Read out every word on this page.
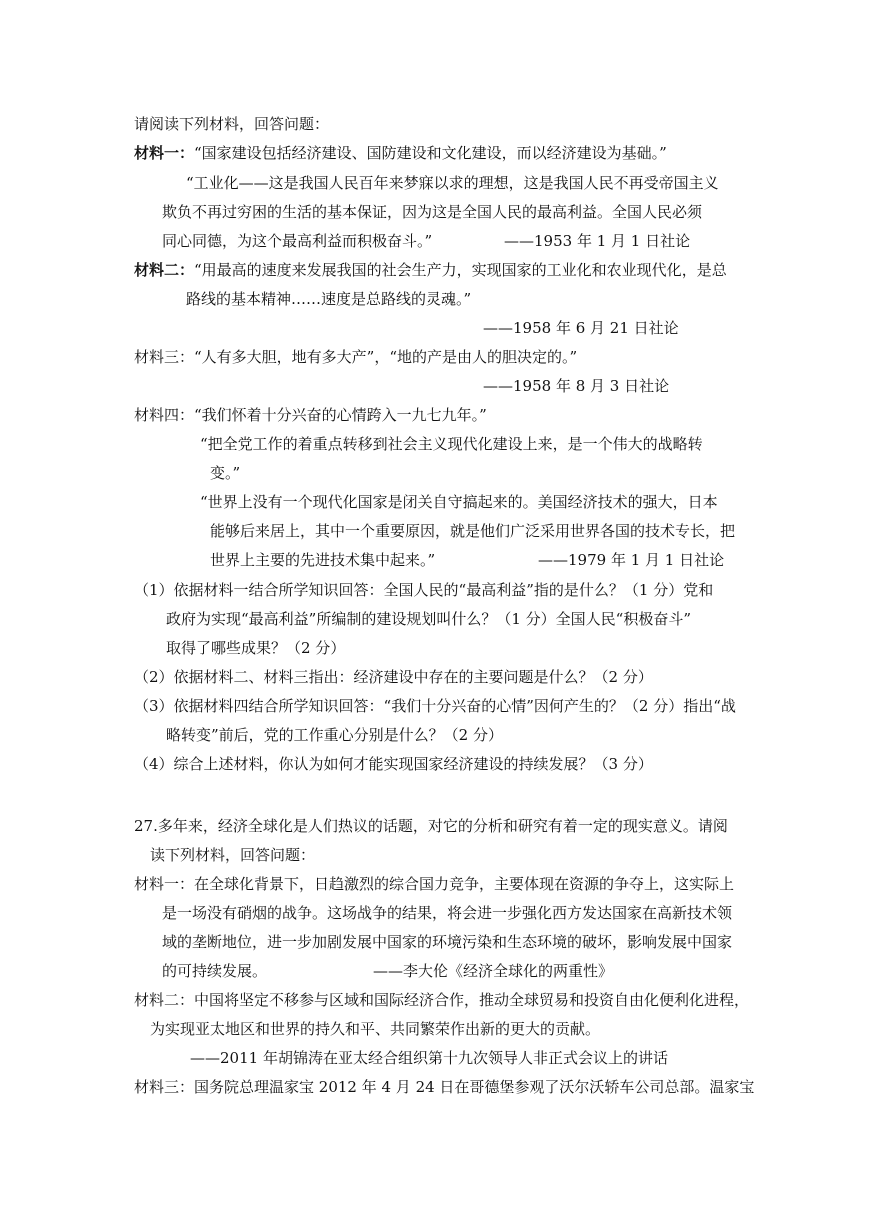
请阅读下列材料，回答问题：
材料一：“国家建设包括经济建设、国防建设和文化建设，而以经济建设为基础。”
“工业化——这是我国人民百年来梦寐以求的理想，这是我国人民不再受帝国主义
欺负不再过穷困的生活的基本保证，因为这是全国人民的最高利益。全国人民必须
同心同德，为这个最高利益而积极奋斗。”	——1953 年 1 月 1 日社论
材料二：“用最高的速度来发展我国的社会生产力，实现国家的工业化和农业现代化，是总
路线的基本精神……速度是总路线的灵魂。”
——1958 年 6 月 21 日社论
材料三：“人有多大胆，地有多大产”，“地的产是由人的胆决定的。”
——1958 年 8 月 3 日社论
材料四：“我们怀着十分兴奋的心情跨入一九七九年。”
“把全党工作的着重点转移到社会主义现代化建设上来，是一个伟大的战略转
变。”
“世界上没有一个现代化国家是闭关自守搞起来的。美国经济技术的强大，日本
能够后来居上，其中一个重要原因，就是他们广泛采用世界各国的技术专长，把
世界上主要的先进技术集中起来。”	——1979 年 1 月 1 日社论
（1）依据材料一结合所学知识回答：全国人民的“最高利益”指的是什么？（1 分）党和
政府为实现“最高利益”所编制的建设规划叫什么？（1 分）全国人民“积极奋斗”
取得了哪些成果？（2 分）
（2）依据材料二、材料三指出：经济建设中存在的主要问题是什么？（2 分）
（3）依据材料四结合所学知识回答：“我们十分兴奋的心情”因何产生的？（2 分）指出“战
略转变”前后，党的工作重心分别是什么？（2 分）
（4）综合上述材料，你认为如何才能实现国家经济建设的持续发展？（3 分）
27.多年来，经济全球化是人们热议的话题，对它的分析和研究有着一定的现实意义。请阅
读下列材料，回答问题：
材料一：在全球化背景下，日趋激烈的综合国力竞争，主要体现在资源的争夺上，这实际上
是一场没有硝烟的战争。这场战争的结果，将会进一步强化西方发达国家在高新技术领
域的垄断地位，进一步加剧发展中国家的环境污染和生态环境的破坏，影响发展中国家
的可持续发展。	——李大伦《经济全球化的两重性》
材料二：中国将坚定不移参与区域和国际经济合作，推动全球贸易和投资自由化便利化进程，
为实现亚太地区和世界的持久和平、共同繁荣作出新的更大的贡献。
——2011 年胡锦涛在亚太经合组织第十九次领导人非正式会议上的讲话
材料三：国务院总理温家宝 2012 年 4 月 24 日在哥德堡参观了沃尔沃轿车公司总部。温家宝
